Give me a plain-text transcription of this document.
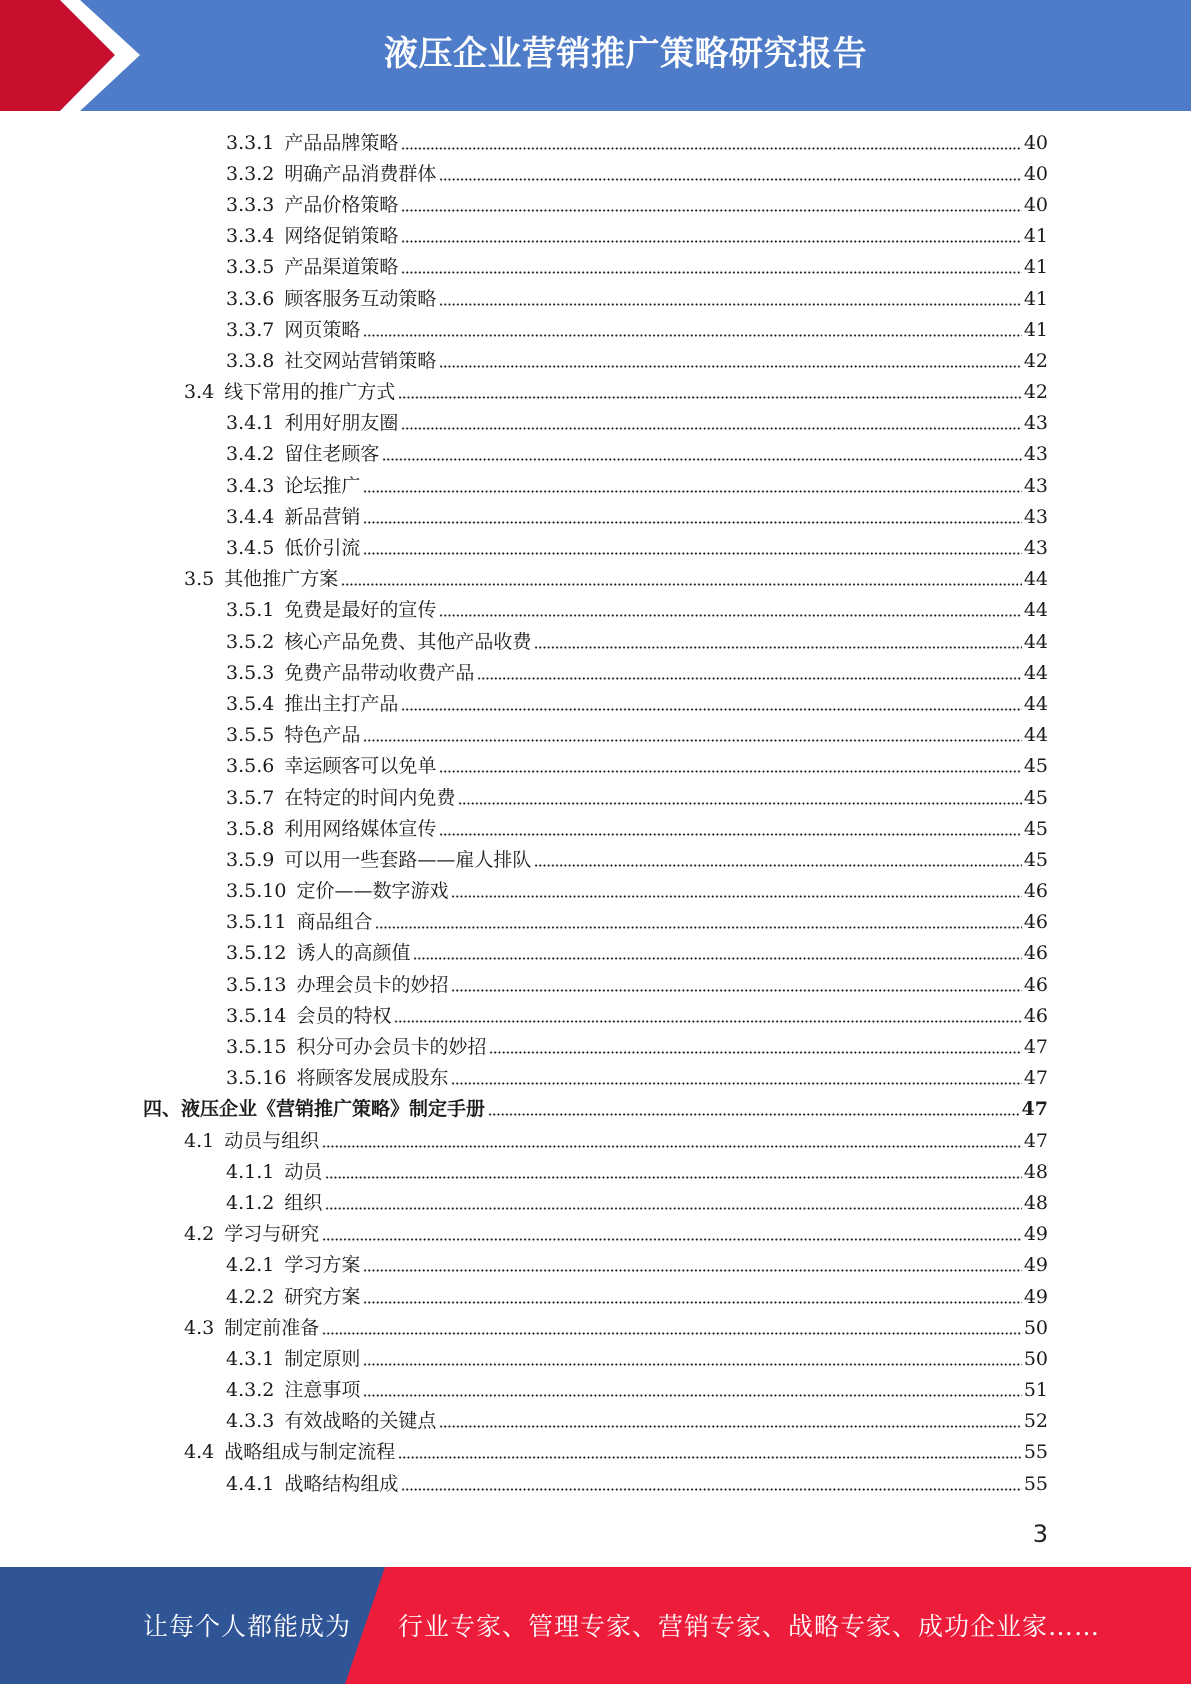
液压企业营销推广策略研究报告
3.3.1 产品品牌策略	40
3.3.2 明确产品消费群体	40
3.3.3 产品价格策略	40
3.3.4 网络促销策略	41
3.3.5 产品渠道策略	41
3.3.6 顾客服务互动策略	41
3.3.7 网页策略	41
3.3.8 社交网站营销策略	42
3.4 线下常用的推广方式	42
3.4.1 利用好朋友圈	43
3.4.2 留住老顾客	43
3.4.3 论坛推广	43
3.4.4 新品营销	43
3.4.5 低价引流	43
3.5 其他推广方案	44
3.5.1 免费是最好的宣传	44
3.5.2 核心产品免费、其他产品收费	44
3.5.3 免费产品带动收费产品	44
3.5.4 推出主打产品	44
3.5.5 特色产品	44
3.5.6 幸运顾客可以免单	45
3.5.7 在特定的时间内免费	45
3.5.8 利用网络媒体宣传	45
3.5.9 可以用一些套路——雇人排队	45
3.5.10 定价——数字游戏	46
3.5.11 商品组合	46
3.5.12 诱人的高颜值	46
3.5.13 办理会员卡的妙招	46
3.5.14 会员的特权	46
3.5.15 积分可办会员卡的妙招	47
3.5.16 将顾客发展成股东	47
四、液压企业《营销推广策略》制定手册	47
4.1 动员与组织	47
4.1.1 动员	48
4.1.2 组织	48
4.2 学习与研究	49
4.2.1 学习方案	49
4.2.2 研究方案	49
4.3 制定前准备	50
4.3.1 制定原则	50
4.3.2 注意事项	51
4.3.3 有效战略的关键点	52
4.4 战略组成与制定流程	55
4.4.1 战略结构组成	55
3
让每个人都能成为 行业专家、管理专家、营销专家、战略专家、成功企业家……
